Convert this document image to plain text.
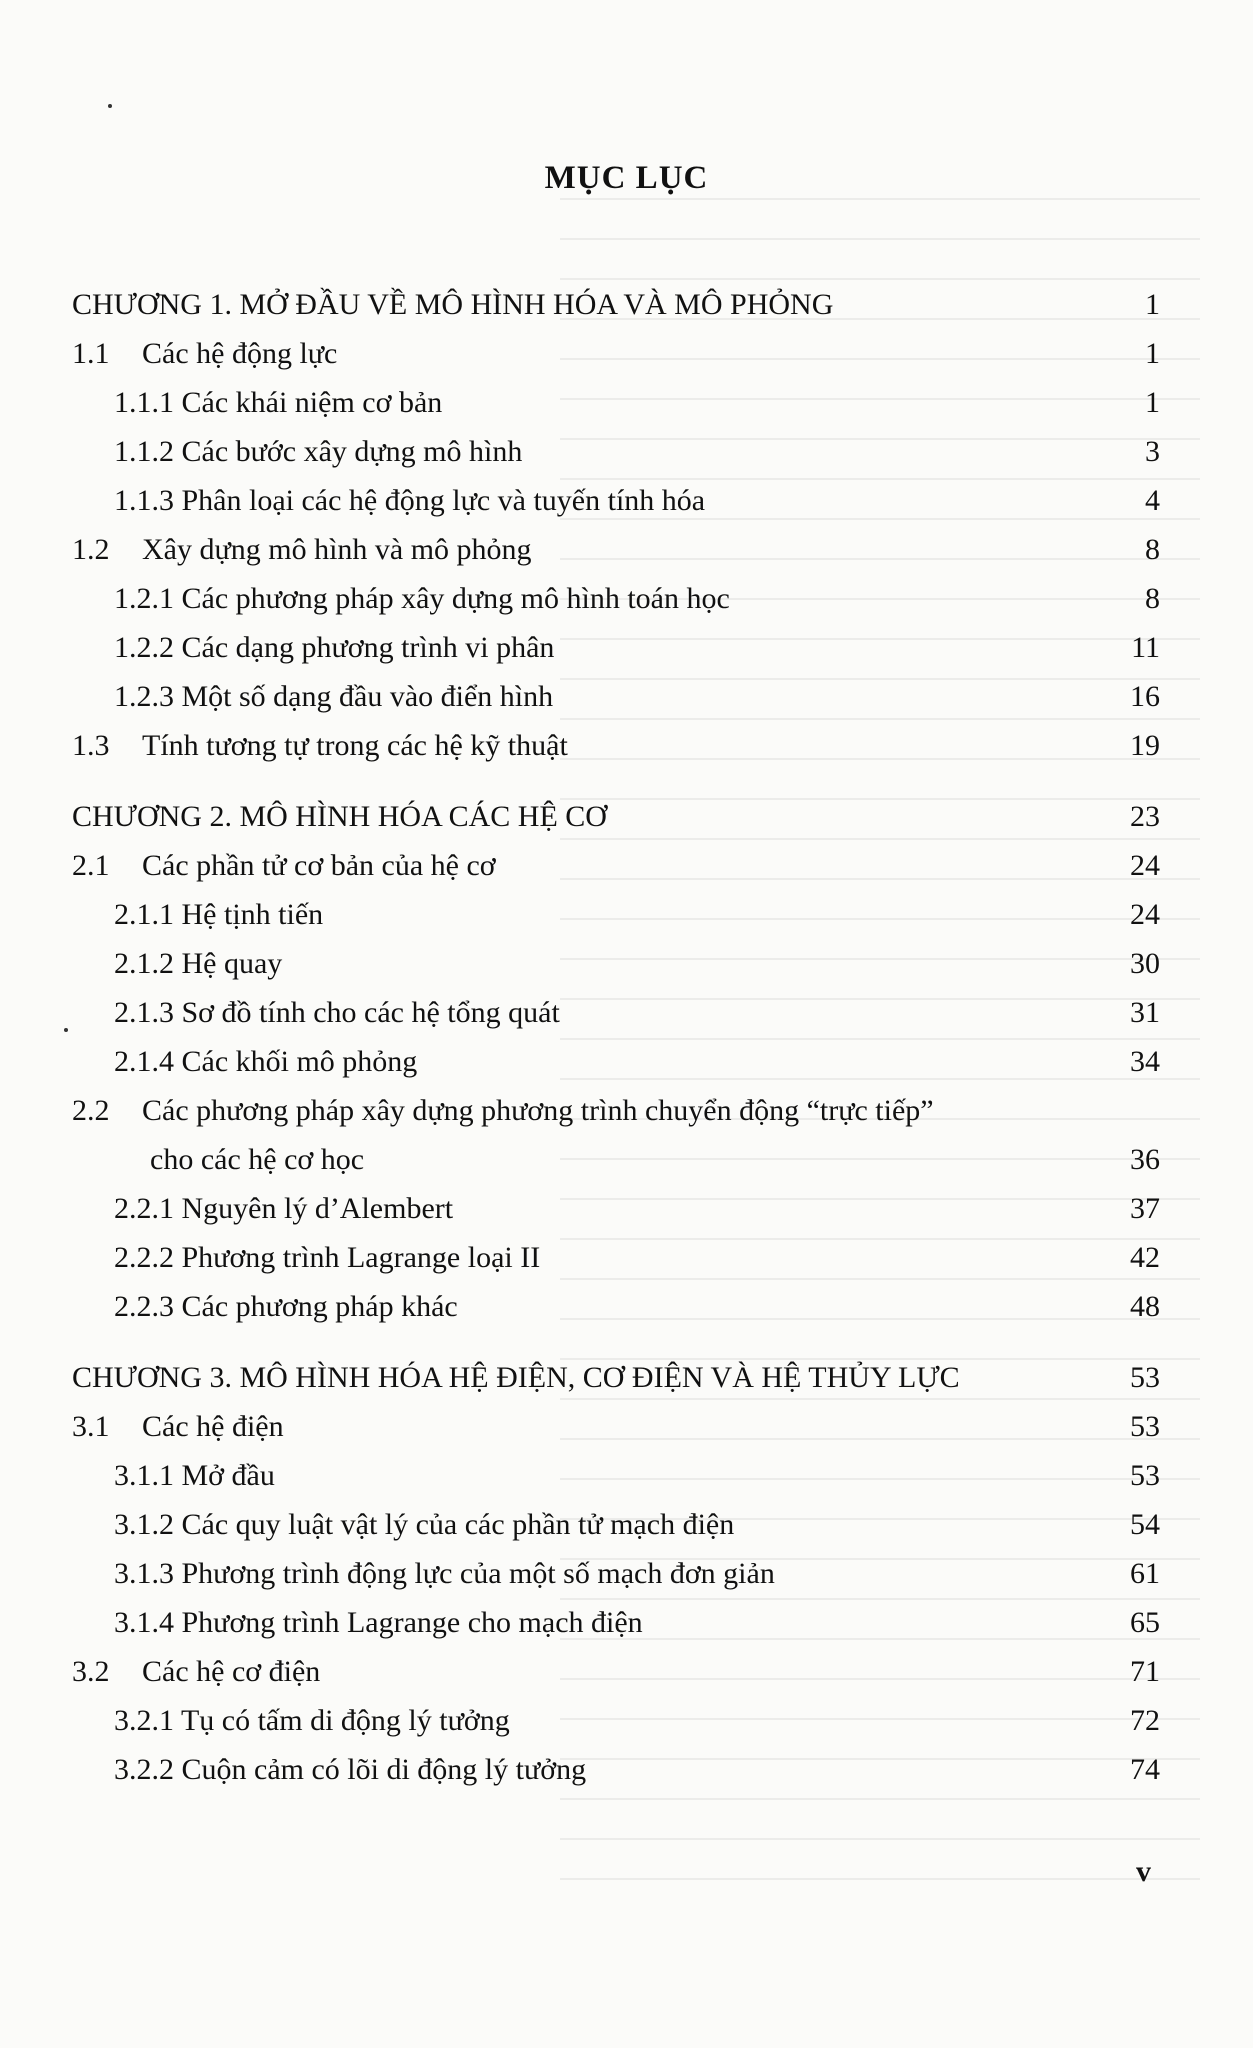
MỤC LỤC
CHƯƠNG 1. MỞ ĐẦU VỀ MÔ HÌNH HÓA VÀ MÔ PHỎNG	1
1.1 Các hệ động lực	1
1.1.1 Các khái niệm cơ bản	1
1.1.2 Các bước xây dựng mô hình	3
1.1.3 Phân loại các hệ động lực và tuyến tính hóa	4
1.2 Xây dựng mô hình và mô phỏng	8
1.2.1 Các phương pháp xây dựng mô hình toán học	8
1.2.2 Các dạng phương trình vi phân	11
1.2.3 Một số dạng đầu vào điển hình	16
1.3 Tính tương tự trong các hệ kỹ thuật	19
CHƯƠNG 2. MÔ HÌNH HÓA CÁC HỆ CƠ	23
2.1 Các phần tử cơ bản của hệ cơ	24
2.1.1 Hệ tịnh tiến	24
2.1.2 Hệ quay	30
2.1.3 Sơ đồ tính cho các hệ tổng quát	31
2.1.4 Các khối mô phỏng	34
2.2 Các phương pháp xây dựng phương trình chuyển động “trực tiếp”
cho các hệ cơ học	36
2.2.1 Nguyên lý d’Alembert	37
2.2.2 Phương trình Lagrange loại II	42
2.2.3 Các phương pháp khác	48
CHƯƠNG 3. MÔ HÌNH HÓA HỆ ĐIỆN, CƠ ĐIỆN VÀ HỆ THỦY LỰC	53
3.1 Các hệ điện	53
3.1.1 Mở đầu	53
3.1.2 Các quy luật vật lý của các phần tử mạch điện	54
3.1.3 Phương trình động lực của một số mạch đơn giản	61
3.1.4 Phương trình Lagrange cho mạch điện	65
3.2 Các hệ cơ điện	71
3.2.1 Tụ có tấm di động lý tưởng	72
3.2.2 Cuộn cảm có lõi di động lý tưởng	74
v
